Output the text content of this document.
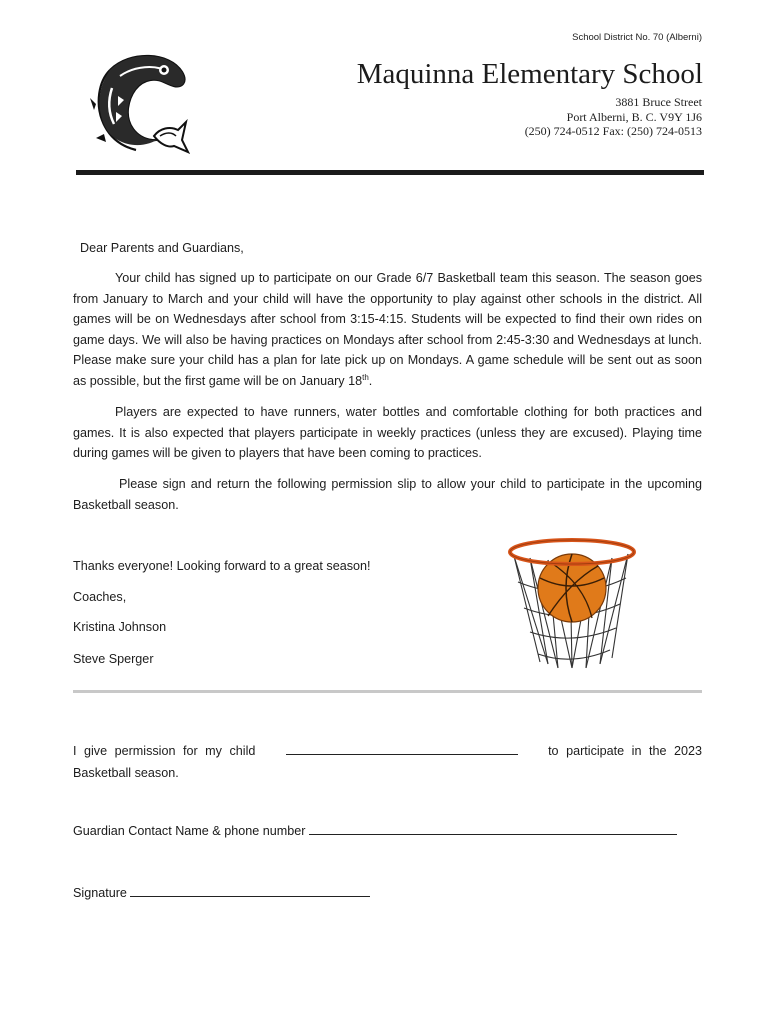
School District No. 70 (Alberni)
Maquinna Elementary School
3881 Bruce Street
Port Alberni, B. C. V9Y 1J6
(250) 724-0512 Fax: (250) 724-0513
Dear Parents and Guardians,
Your child has signed up to participate on our Grade 6/7 Basketball team this season. The season goes from January to March and your child will have the opportunity to play against other schools in the district. All games will be on Wednesdays after school from 3:15-4:15. Students will be expected to find their own rides on game days. We will also be having practices on Mondays after school from 2:45-3:30 and Wednesdays at lunch. Please make sure your child has a plan for late pick up on Mondays. A game schedule will be sent out as soon as possible, but the first game will be on January 18th.
Players are expected to have runners, water bottles and comfortable clothing for both practices and games. It is also expected that players participate in weekly practices (unless they are excused). Playing time during games will be given to players that have been coming to practices.
Please sign and return the following permission slip to allow your child to participate in the upcoming Basketball season.
Thanks everyone! Looking forward to a great season!
Coaches,
Kristina Johnson
Steve Sperger
I give permission for my child	to participate in the 2023
Basketball season.
Guardian Contact Name & phone number
Signature
